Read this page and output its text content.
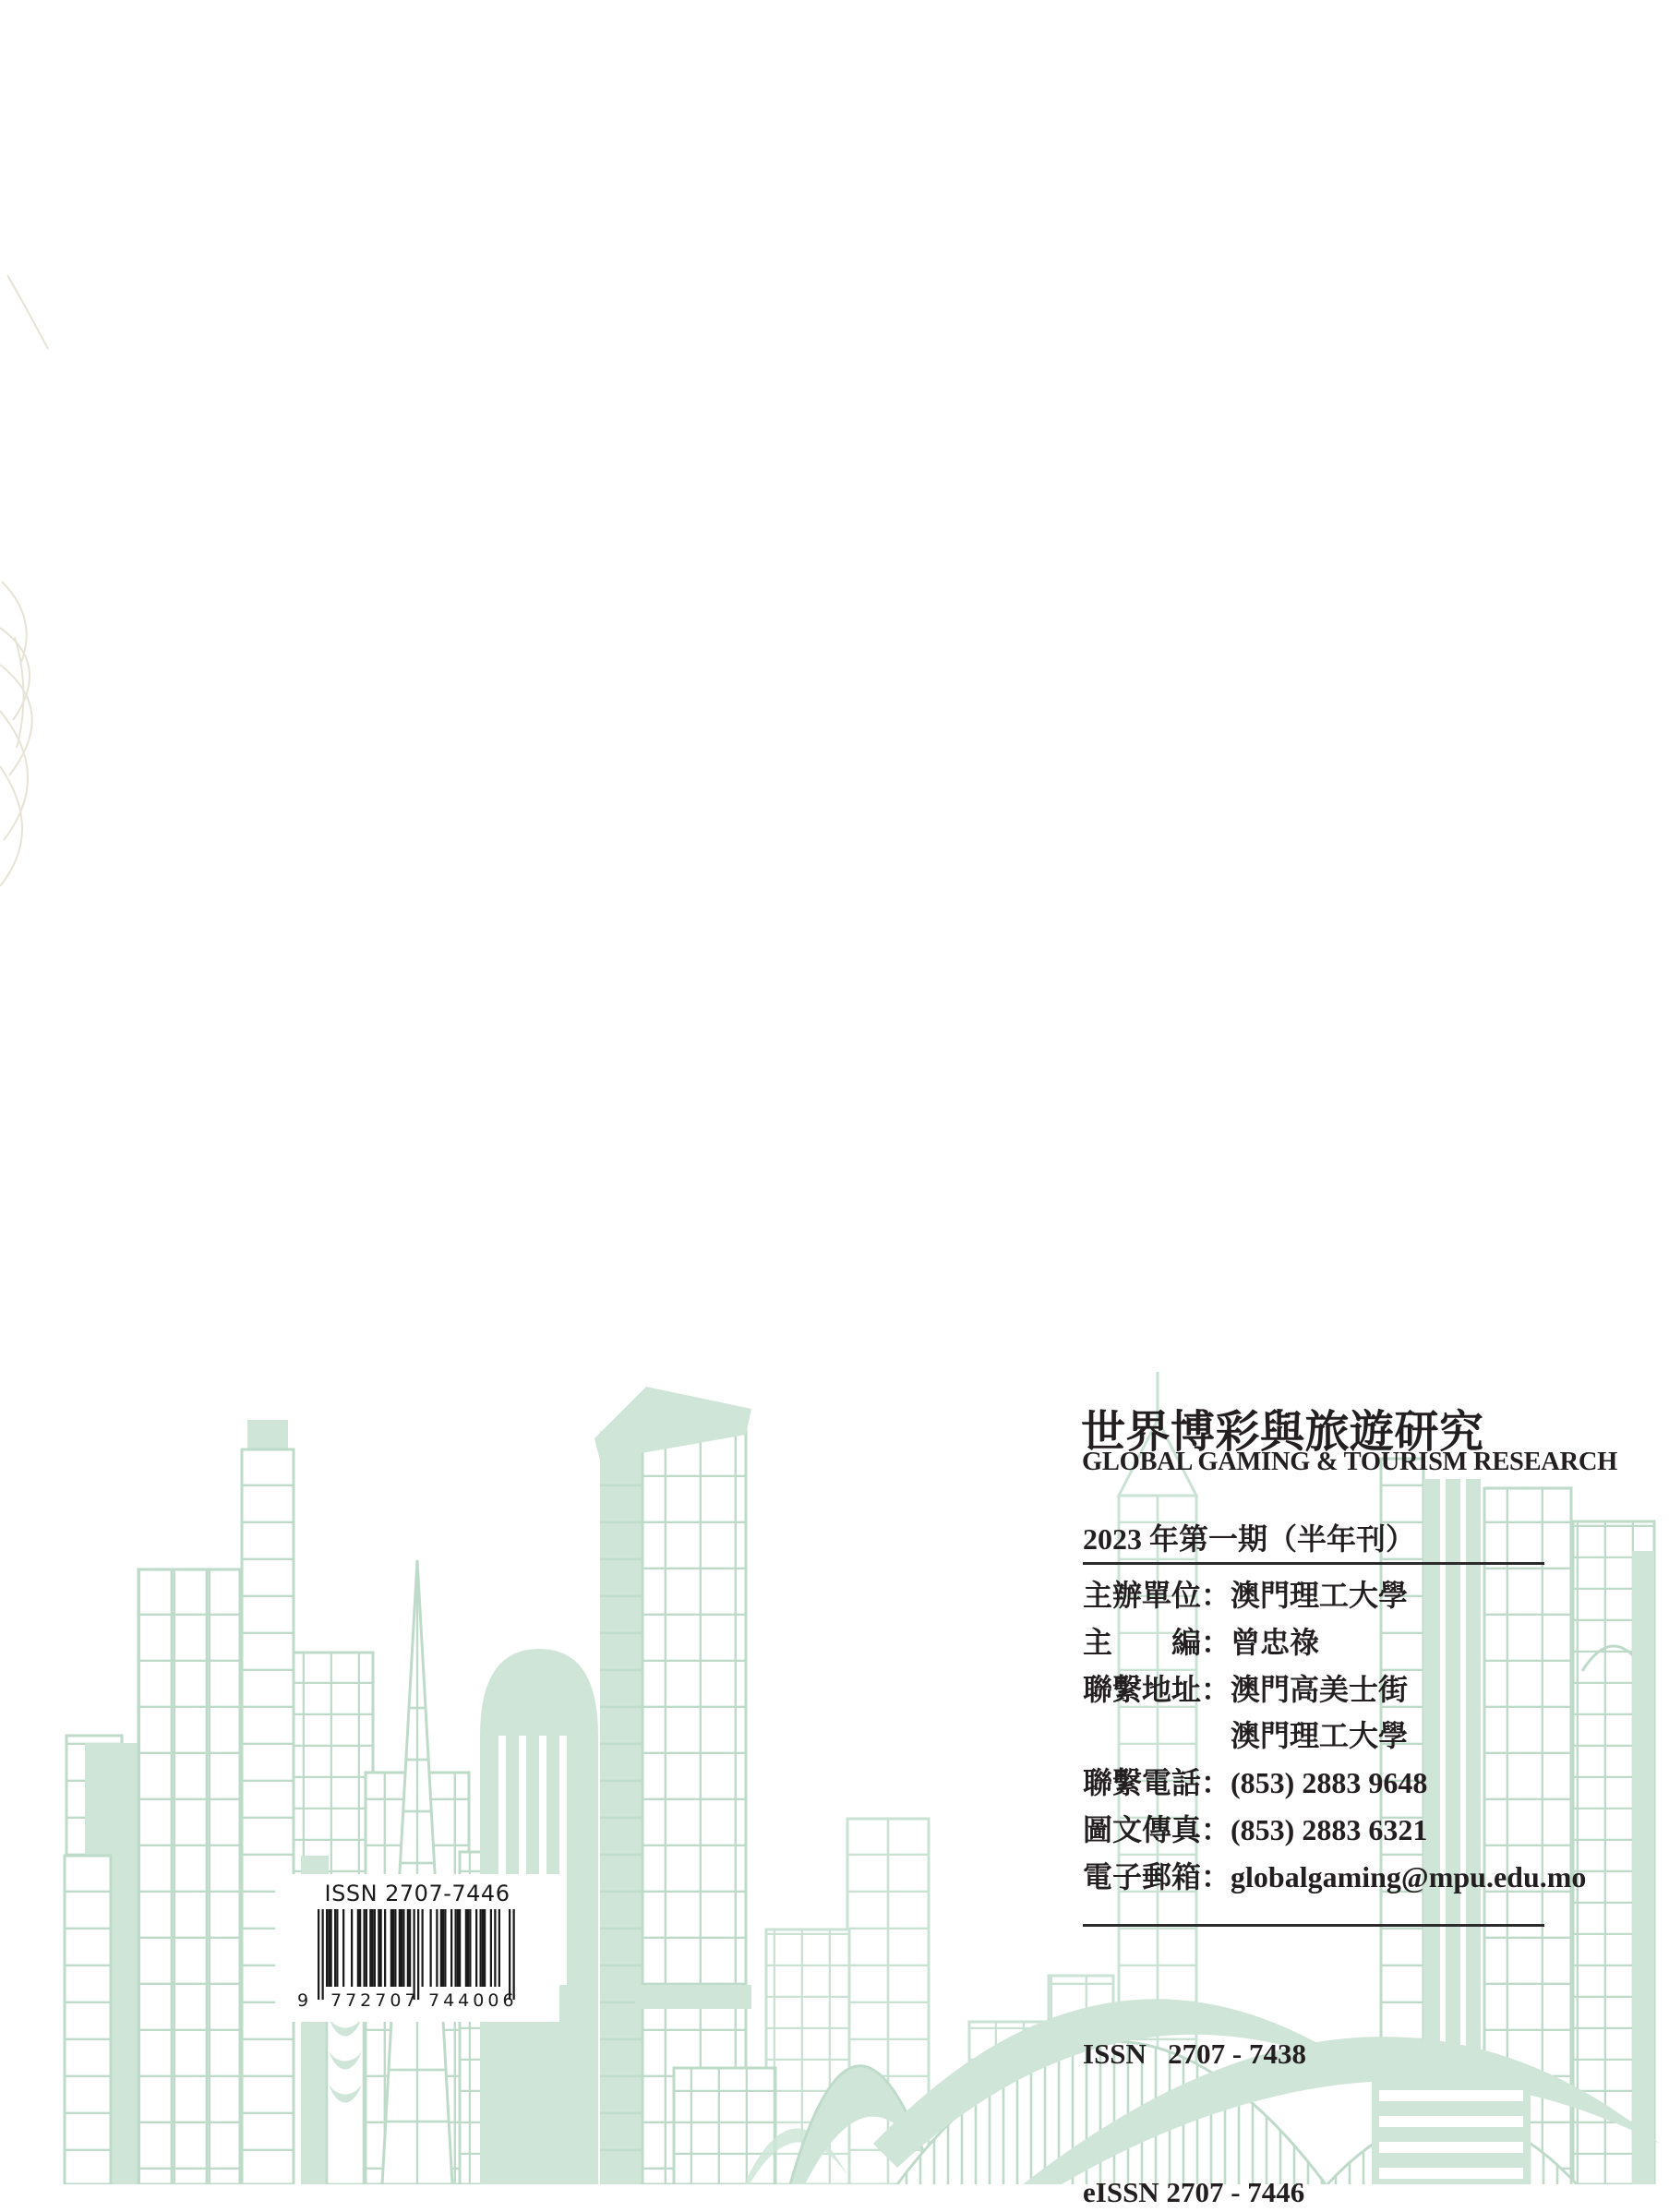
世界博彩與旅遊研究
GLOBAL GAMING & TOURISM RESEARCH
2023 年第一期（半年刊）
主辦單位 ： 澳門理工大學
主　　編 ： 曾忠祿
聯繫地址 ： 澳門高美士街
澳門理工大學
聯繫電話 ： (853) 2883 9648
圖文傳真 ： (853) 2883 6321
電子郵箱 ： globalgaming@mpu.edu.mo

ISSN   2707 - 7438

eISSN 2707 - 7446

ISSN 2707-7446
9 772707 744006
